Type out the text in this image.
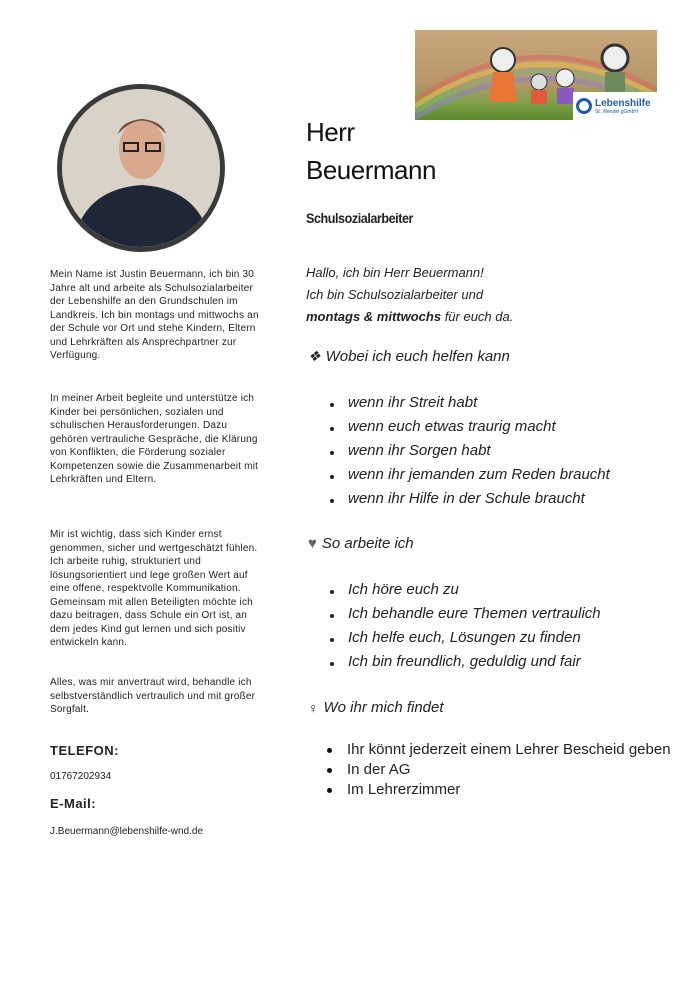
Lebenshilfe
St. Wendel gGmbH
Mein Name ist Justin Beuermann, ich bin 30 Jahre alt und arbeite als Schulsozialarbeiter der Lebenshilfe an den Grundschulen im Landkreis. Ich bin montags und mittwochs an der Schule vor Ort und stehe Kindern, Eltern und Lehrkräften als Ansprechpartner zur Verfügung.
In meiner Arbeit begleite und unterstütze ich Kinder bei persönlichen, sozialen und schulischen Herausforderungen. Dazu gehören vertrauliche Gespräche, die Klärung von Konflikten, die Förderung sozialer Kompetenzen sowie die Zusammenarbeit mit Lehrkräften und Eltern.
Mir ist wichtig, dass sich Kinder ernst genommen, sicher und wertgeschätzt fühlen. Ich arbeite ruhig, strukturiert und lösungsorientiert und lege großen Wert auf eine offene, respektvolle Kommunikation. Gemeinsam mit allen Beteiligten möchte ich dazu beitragen, dass Schule ein Ort ist, an dem jedes Kind gut lernen und sich positiv entwickeln kann.
Alles, was mir anvertraut wird, behandle ich selbstverständlich vertraulich und mit großer Sorgfalt.
TELEFON:
01767202934
E-Mail:
J.Beuermann@lebenshilfe-wnd.de
Herr
Beuermann
Schulsozialarbeiter
Hallo, ich bin Herr Beuermann!
Ich bin Schulsozialarbeiter und
montags & mittwochs für euch da.
❖ Wobei ich euch helfen kann
wenn ihr Streit habt
wenn euch etwas traurig macht
wenn ihr Sorgen habt
wenn ihr jemanden zum Reden braucht
wenn ihr Hilfe in der Schule braucht
♥ So arbeite ich
Ich höre euch zu
Ich behandle eure Themen vertraulich
Ich helfe euch, Lösungen zu finden
Ich bin freundlich, geduldig und fair
♀ Wo ihr mich findet
Ihr könnt jederzeit einem Lehrer Bescheid geben
In der AG
Im Lehrerzimmer
